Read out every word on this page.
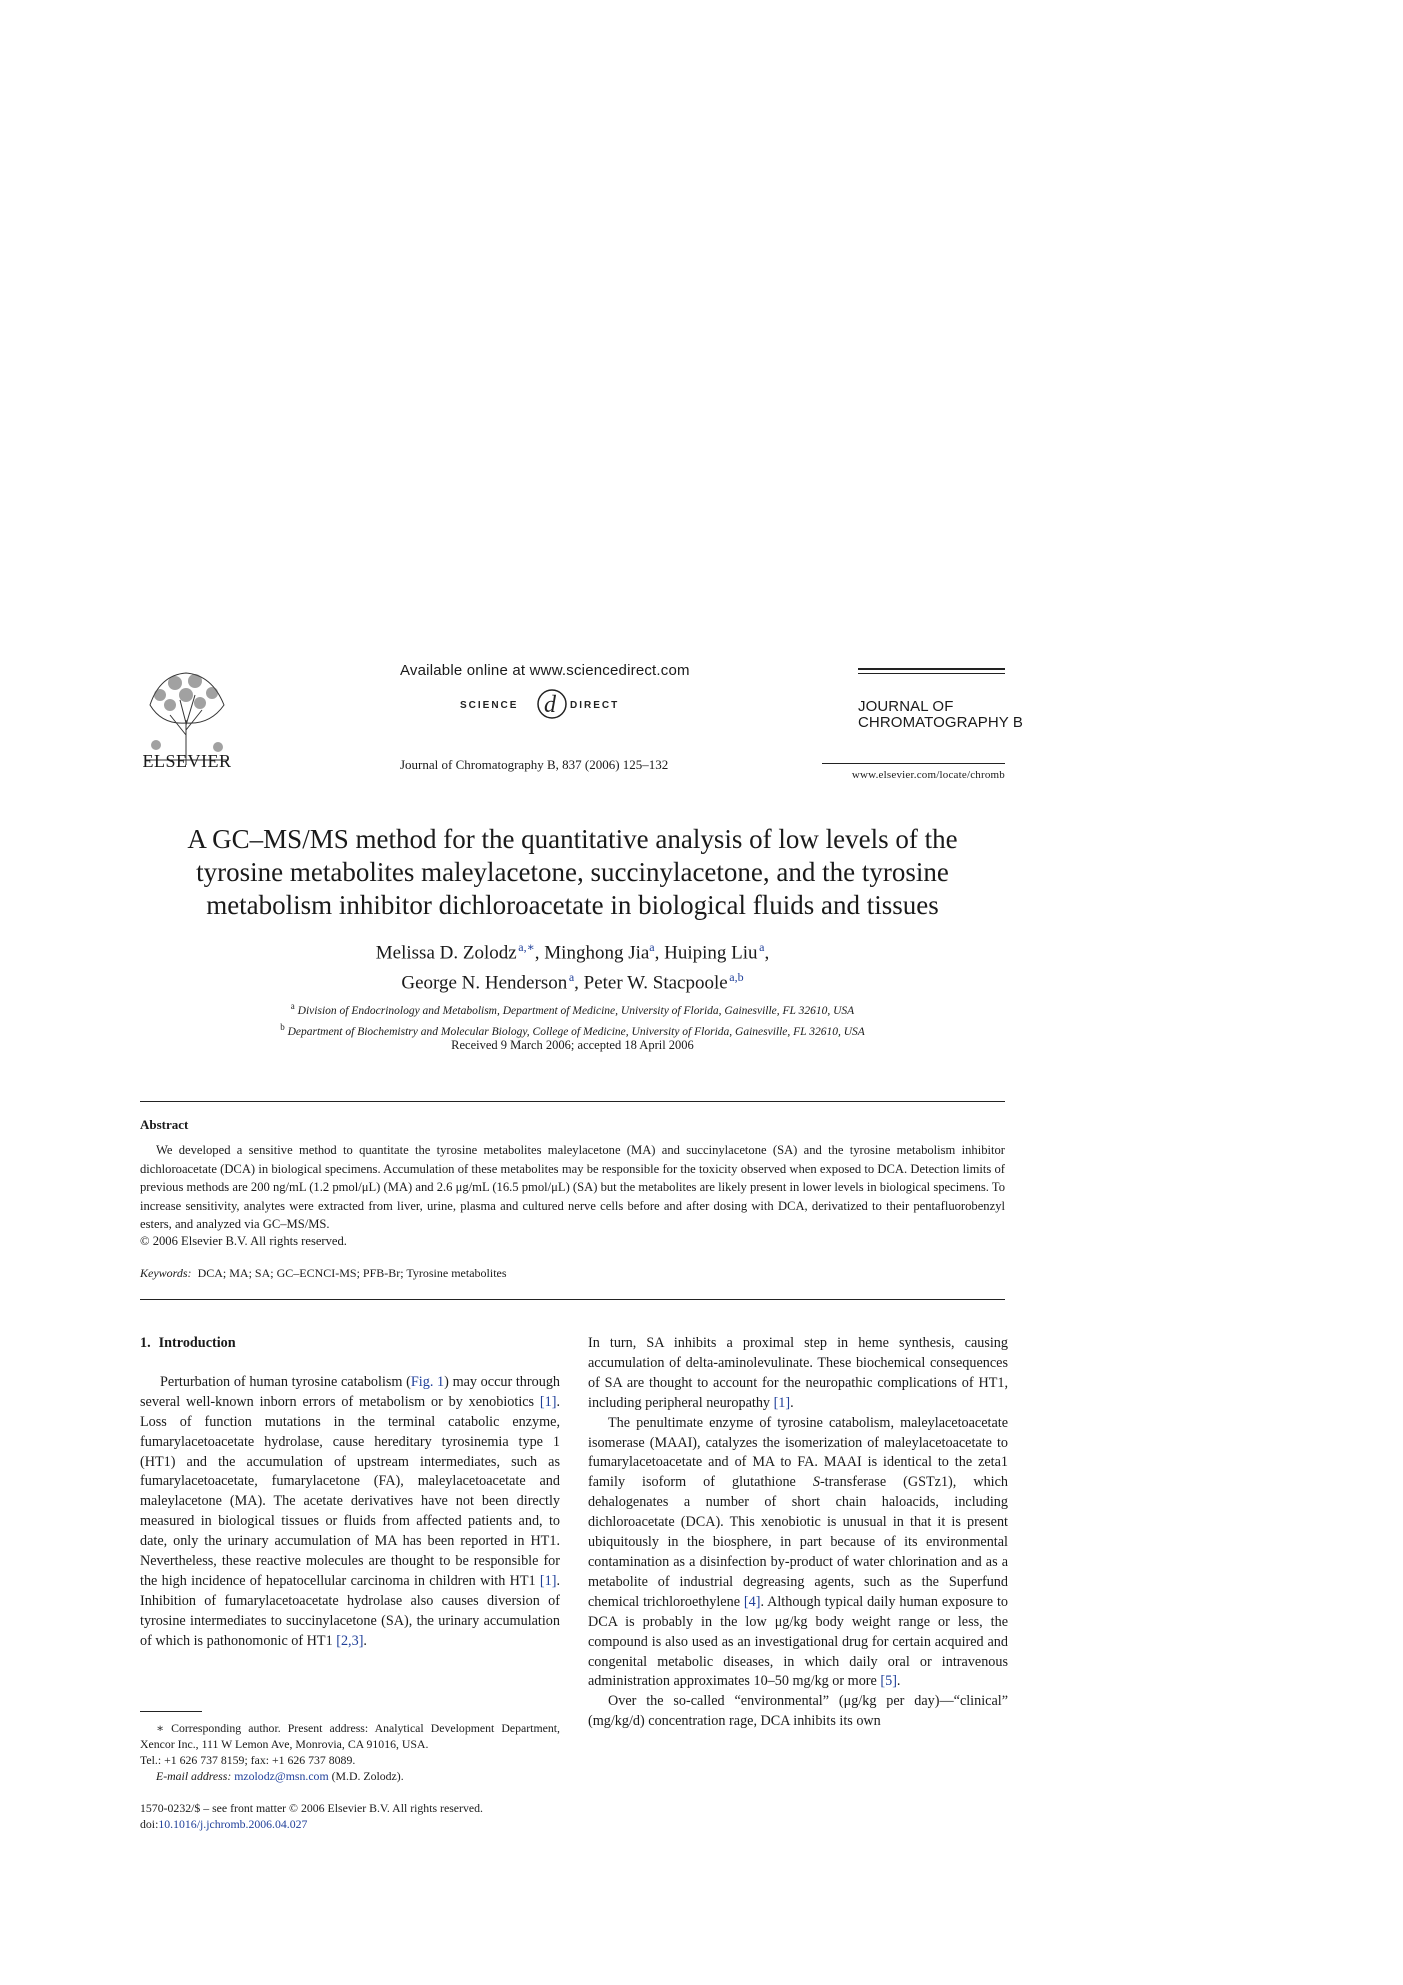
ELSEVIER
Available online at www.sciencedirect.com
SCIENCE d DIRECT
Journal of Chromatography B, 837 (2006) 125–132
JOURNAL OF
CHROMATOGRAPHY B
www.elsevier.com/locate/chromb
A GC–MS/MS method for the quantitative analysis of low levels of the
tyrosine metabolites maleylacetone, succinylacetone, and the tyrosine
metabolism inhibitor dichloroacetate in biological fluids and tissues
Melissa D. Zolodz  $^{a,∗}$, Minghong Jia$^a$, Huiping Liu  $^a$,
George N. Henderson  $^a$, Peter W. Stacpoole  $^{a,b}$
$^a$ Division of Endocrinology and Metabolism, Department of Medicine, University of Florida, Gainesville, FL 32610, USA
$^b$ Department of Biochemistry and Molecular Biology, College of Medicine, University of Florida, Gainesville, FL 32610, USA
Received 9 March 2006; accepted 18 April 2006
Abstract
We developed a sensitive method to quantitate the tyrosine metabolites maleylacetone (MA) and succinylacetone (SA) and the tyrosine metabolism inhibitor dichloroacetate (DCA) in biological specimens. Accumulation of these metabolites may be responsible for the toxicity observed when exposed to DCA. Detection limits of previous methods are 200 ng/mL (1.2 pmol/μL) (MA) and 2.6 μg/mL (16.5 pmol/μL) (SA) but the metabolites are likely present in lower levels in biological specimens. To increase sensitivity, analytes were extracted from liver, urine, plasma and cultured nerve cells before and after dosing with DCA, derivatized to their pentafluorobenzyl esters, and analyzed via GC–MS/MS.
© 2006 Elsevier B.V. All rights reserved.
Keywords: DCA; MA; SA; GC–ECNCI-MS; PFB-Br; Tyrosine metabolites
1. Introduction

Perturbation of human tyrosine catabolism (Fig. 1) may occur through several well-known inborn errors of metabolism or by xenobiotics [1]. Loss of function mutations in the terminal catabolic enzyme, fumarylacetoacetate hydrolase, cause hereditary tyrosinemia type 1 (HT1) and the accumulation of upstream intermediates, such as fumarylacetoacetate, fumarylacetone (FA), maleylacetoacetate and maleylacetone (MA). The acetate derivatives have not been directly measured in biological tissues or fluids from affected patients and, to date, only the urinary accumulation of MA has been reported in HT1. Nevertheless, these reactive molecules are thought to be responsible for the high incidence of hepatocellular carcinoma in children with HT1 [1]. Inhibition of fumarylacetoacetate hydrolase also causes diversion of tyrosine intermediates to succinylacetone (SA), the urinary accumulation of which is pathonomonic of HT1 [2,3].

In turn, SA inhibits a proximal step in heme synthesis, causing accumulation of delta-aminolevulinate. These biochemical consequences of SA are thought to account for the neuropathic complications of HT1, including peripheral neuropathy [1].

The penultimate enzyme of tyrosine catabolism, maleylacetoacetate isomerase (MAAI), catalyzes the isomerization of maleylacetoacetate to fumarylacetoacetate and of MA to FA. MAAI is identical to the zeta1 family isoform of glutathione S-transferase (GSTz1), which dehalogenates a number of short chain haloacids, including dichloroacetate (DCA). This xenobiotic is unusual in that it is present ubiquitously in the biosphere, in part because of its environmental contamination as a disinfection by-product of water chlorination and as a metabolite of industrial degreasing agents, such as the Superfund chemical trichloroethylene [4]. Although typical daily human exposure to DCA is probably in the low μg/kg body weight range or less, the compound is also used as an investigational drug for certain acquired and congenital metabolic diseases, in which daily oral or intravenous administration approximates 10–50 mg/kg or more [5].

Over the so-called “environmental” (μg/kg per day)—“clinical” (mg/kg/d) concentration rage, DCA inhibits its own

∗ Corresponding author. Present address: Analytical Development Department, Xencor Inc., 111 W Lemon Ave, Monrovia, CA 91016, USA.
Tel.: +1 626 737 8159; fax: +1 626 737 8089.
E-mail address: mzolodz@msn.com (M.D. Zolodz).
1570-0232/$ – see front matter © 2006 Elsevier B.V. All rights reserved.
doi:10.1016/j.jchromb.2006.04.027
